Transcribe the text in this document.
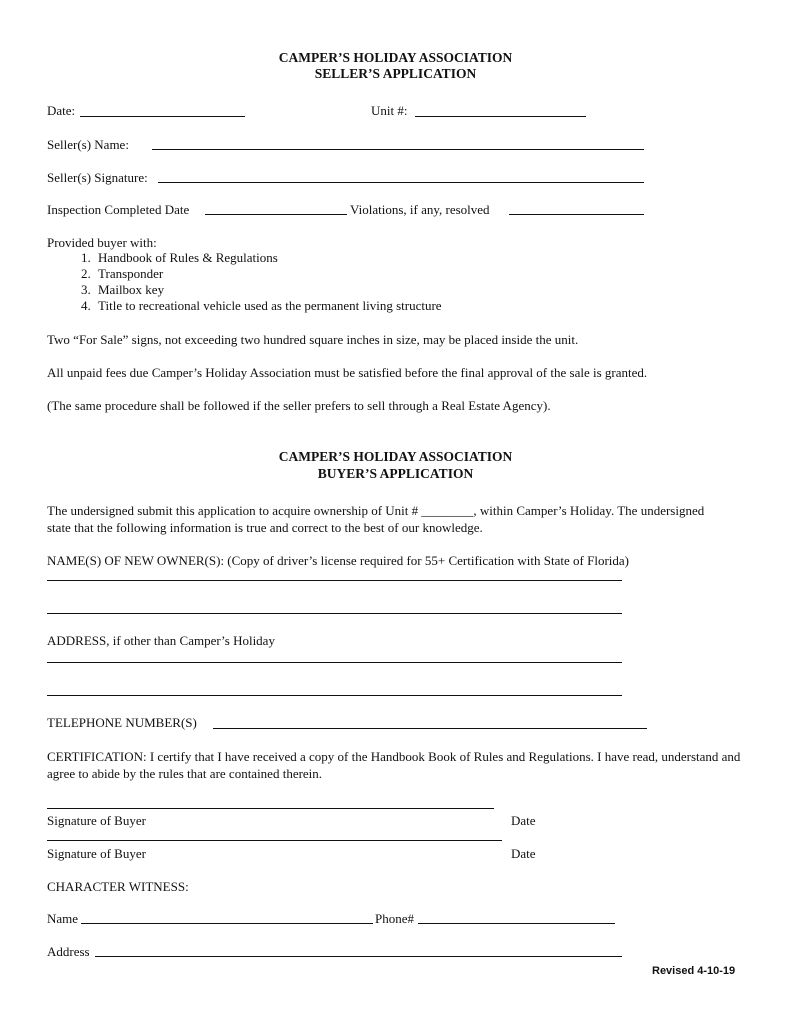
CAMPER’S HOLIDAY ASSOCIATION
SELLER’S APPLICATION
Date:	Unit #:
Seller(s) Name:
Seller(s) Signature:
Inspection Completed Date	Violations, if any, resolved
Provided buyer with:
1. Handbook of Rules & Regulations
2. Transponder
3. Mailbox key
4. Title to recreational vehicle used as the permanent living structure
Two “For Sale” signs, not exceeding two hundred square inches in size, may be placed inside the unit.
All unpaid fees due Camper’s Holiday Association must be satisfied before the final approval of the sale is granted.
(The same procedure shall be followed if the seller prefers to sell through a Real Estate Agency).
CAMPER’S HOLIDAY ASSOCIATION
BUYER’S APPLICATION
The undersigned submit this application to acquire ownership of Unit # ________, within Camper’s Holiday. The undersigned state that the following information is true and correct to the best of our knowledge.
NAME(S) OF NEW OWNER(S): (Copy of driver’s license required for 55+ Certification with State of Florida)
ADDRESS, if other than Camper’s Holiday
TELEPHONE NUMBER(S)
CERTIFICATION: I certify that I have received a copy of the Handbook Book of Rules and Regulations. I have read, understand and agree to abide by the rules that are contained therein.
Signature of Buyer	Date
Signature of Buyer	Date
CHARACTER WITNESS:
Name	Phone#
Address
Revised 4-10-19
